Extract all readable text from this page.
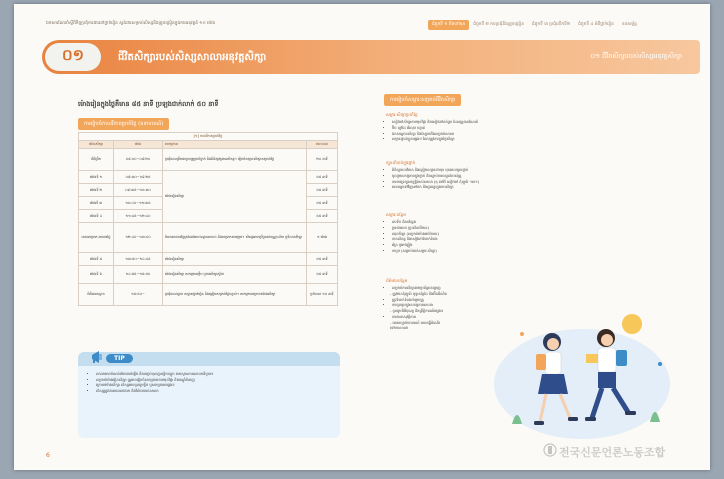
ឯកសារណែនាំស្តីពីកិច្ចប្រជុំការងារនៅថ្នាក់រៀន ស្តង់ដារសម្រាប់សិស្សនិងគ្រូបង្រៀនក្នុងការអនុវត្តន៍ ១០ ម៉ោង	ជំពូកទី ១ គិតទៅមុខ	ជំពូកទី ២ ការប្រជុំនិងគ្រូបង្រៀន	ជំពូកទី ៣ ប្រជុំលើកទី២	ជំពូកទី ៤ អំពីថ្នាក់រៀន	ឧបសម្ព័ន្ធ
០១	ជីវិតសិក្សារបស់សិស្សសាលាអនុវត្តសិក្សា	០១ ជីវិតសិក្សារបស់សិស្សអនុវត្តសិក្សា
ម៉ោងរៀនក្នុងថ្ងៃគឺមាន ៨៥ នាទី ប្រឡងជាក់លាក់ ៥០ នាទី
ការរៀបចំកាលវិភាគប្រចាំថ្ងៃ (ឧទាហរណ៍)
[១] កាលវិភាគប្រចាំថ្ងៃ			
ម៉ោងសិក្សា	ម៉ោង	សកម្មភាព	រយៈពេល
ពិធីព្រឹក	០៨:០០~០៨:២០	ប្រជុំពេលព្រឹកជាមួយគ្រូប្រចាំថ្នាក់ និងពិនិត្យវត្តមានសិស្ស។ រៀបចំសម្ភារៈសិក្សាសម្រាប់ថ្ងៃ	២០ នាទី
ម៉ោងទី ១	០៨:៣០~០៩:២៥	ម៉ោងរៀនសិក្សា	៥៥ នាទី
ម៉ោងទី ២	០៩:៣៥~១០:៣០		៥៥ នាទី
ម៉ោងទី ៣	១០:៤០~១១:៣៥		៥៥ នាទី
ម៉ោងទី ៤	១១:៤៥~១២:៤០		៥៥ នាទី
ពេលសម្រាក អាហារថ្ងៃ	១២:៤០~១៣:៤០	ពិសារអាហារថ្ងៃត្រង់នៅអាហារដ្ឋានសាលា និងសម្រាកតាមក្រុម។ សិស្សអាចប្រើប្រាស់បណ្ណាល័យ ឬទីលានកីឡា	១ ម៉ោង
ម៉ោងទី ៥	១៣:៥០~១៤:៤៥	ម៉ោងរៀនសិក្សា	៥៥ នាទី
ម៉ោងទី ៦	១៤:៥៥~១៥:៥០	ម៉ោងរៀនសិក្សា សកម្មភាពក្លឹប ឬការសិក្សាស្វ័យ	៥៥ នាទី
ពិធីពេលល្ងាច	១៥:៥០~	ប្រជុំពេលល្ងាច សម្អាតថ្នាក់រៀន និងត្រៀមសម្រាប់ថ្ងៃបន្ទាប់។ សកម្មភាពក្រោយម៉ោងសិក្សា	ប្រហែល ១០ នាទី
TIP
• សាលាអាចកំណត់ម៉ោងចាប់ផ្ដើម និងបញ្ចប់ខុសគ្នាបន្តិចបន្តួច តាមស្ថានភាពសាលានីមួយៗ
• សម្រាប់ម៉ោងរៀនសិក្សា គ្រូអាចរៀបចំសកម្មភាពតាមមុខវិជ្ជា និងបណ្ដុំជំនាញ
• ក្រោយម៉ោងសិក្សា សិស្សអាចចូលរួមក្លឹប ឬសកម្មភាពផ្សេងៗ
• សិស្សត្រូវគោរពពេលវេលា និងវិន័យរបស់សាលា
ការរៀបចំសម្ភារៈសម្រាប់ជីវិតសិក្សា
សម្ភារៈសិក្សាប្រចាំថ្ងៃ
• សៀវភៅសិក្សាតាមមុខវិជ្ជា និងសៀវភៅកត់ត្រា ដែលគ្រូបានណែនាំ
• ប៊ិច ខ្មៅដៃ ជ័រលុប បន្ទាត់
• ឯកសណ្ឋានសិក្សា និងស្បែកជើងសម្រាប់សាលា
• សម្ភារៈផ្ទាល់ខ្លួនផ្សេងៗ ដែលត្រូវការក្នុងថ្ងៃសិក្សា
ក្បួនចាំបាច់ក្នុងថ្នាក់
• ពិនិត្យកាលវិភាគ និងត្រៀមសម្ភារៈជាមុន មុនពេលចូលថ្នាក់
• ចូលរួមសកម្មភាពក្នុងថ្នាក់ និងស្ដាប់ការពន្យល់របស់គ្រូ
• ការពារទ្រព្យសម្បត្តិរបស់សាលា (តុ កៅអី សៀវភៅ កុំព្យូទ័រ ។ល។)
• គោរពគ្នាទៅវិញទៅមក និងជួយគ្នាក្នុងការសិក្សា
សម្ភារៈបន្ថែម
• ដបទឹក និងកន្សែង
• ប្រអប់បាយ (ប្រសិនបើមាន)
• ឈុតកីឡា (សម្រាប់ម៉ោងអប់រំកាយ)
• កាតសិស្ស និងសៀវភៅទំនាក់ទំនង
• ឆ័ត្រ ឬអាវភ្លៀង
• កាបូប (សម្រាប់ដាក់សម្ភារៈសិក្សា)
ព័ត៌មានបន្ថែម
• សម្រាប់ការសិក្សាតាមប្រព័ន្ធអនឡាញ
- ត្រូវមានកុំព្យូទ័រ ឬទូរស័ព្ទដៃ និងអ៊ីនធឺណិត
• ត្រូវទំនាក់ទំនងជាមួយគ្រូ
• ការចូលរួមក្នុងសកម្មភាពសាលា
- ចូលរួមពិធីបុណ្យ និងព្រឹត្តិការណ៍ផ្សេងៗ
• ការធានាសុវត្ថិភាព
- គោរពច្បាប់ចរាចរណ៍ ពេលធ្វើដំណើរ
ទៅមកសាលា
6	전국신문언론노동조합
